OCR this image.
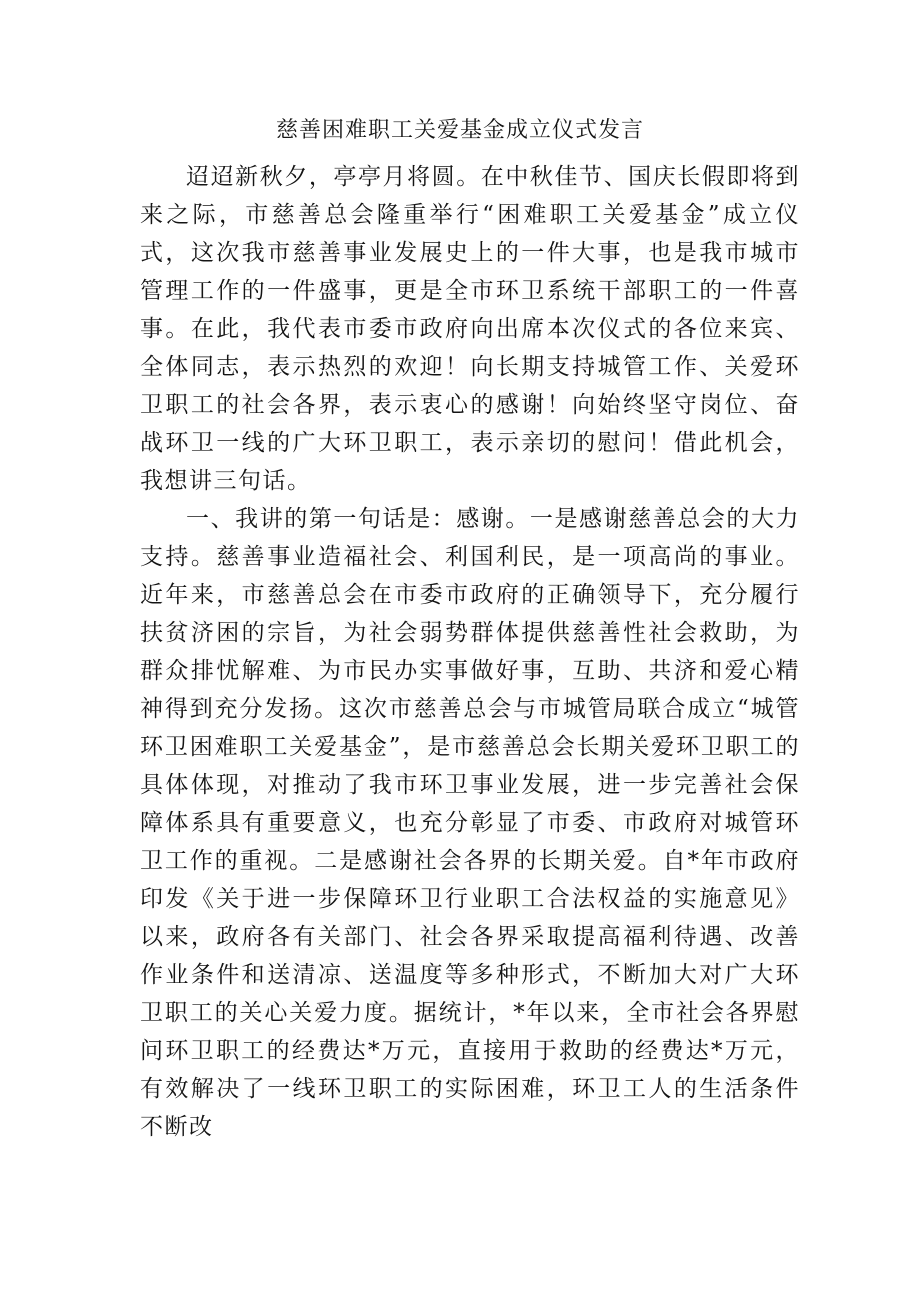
慈善困难职工关爱基金成立仪式发言

迢迢新秋夕，亭亭月将圆。在中秋佳节、国庆长假即将到来之际，市慈善总会隆重举行“困难职工关爱基金”成立仪式，这次我市慈善事业发展史上的一件大事，也是我市城市管理工作的一件盛事，更是全市环卫系统干部职工的一件喜事。在此，我代表市委市政府向出席本次仪式的各位来宾、全体同志，表示热烈的欢迎！向长期支持城管工作、关爱环卫职工的社会各界，表示衷心的感谢！向始终坚守岗位、奋战环卫一线的广大环卫职工，表示亲切的慰问！借此机会，我想讲三句话。

一、我讲的第一句话是：感谢。一是感谢慈善总会的大力支持。慈善事业造福社会、利国利民，是一项高尚的事业。近年来，市慈善总会在市委市政府的正确领导下，充分履行扶贫济困的宗旨，为社会弱势群体提供慈善性社会救助，为群众排忧解难、为市民办实事做好事，互助、共济和爱心精神得到充分发扬。这次市慈善总会与市城管局联合成立“城管环卫困难职工关爱基金”，是市慈善总会长期关爱环卫职工的具体体现，对推动了我市环卫事业发展，进一步完善社会保障体系具有重要意义，也充分彰显了市委、市政府对城管环卫工作的重视。二是感谢社会各界的长期关爱。自*年市政府印发《关于进一步保障环卫行业职工合法权益的实施意见》以来，政府各有关部门、社会各界采取提高福利待遇、改善作业条件和送清凉、送温度等多种形式，不断加大对广大环卫职工的关心关爱力度。据统计，*年以来，全市社会各界慰问环卫职工的经费达*万元，直接用于救助的经费达*万元，有效解决了一线环卫职工的实际困难，环卫工人的生活条件不断改
